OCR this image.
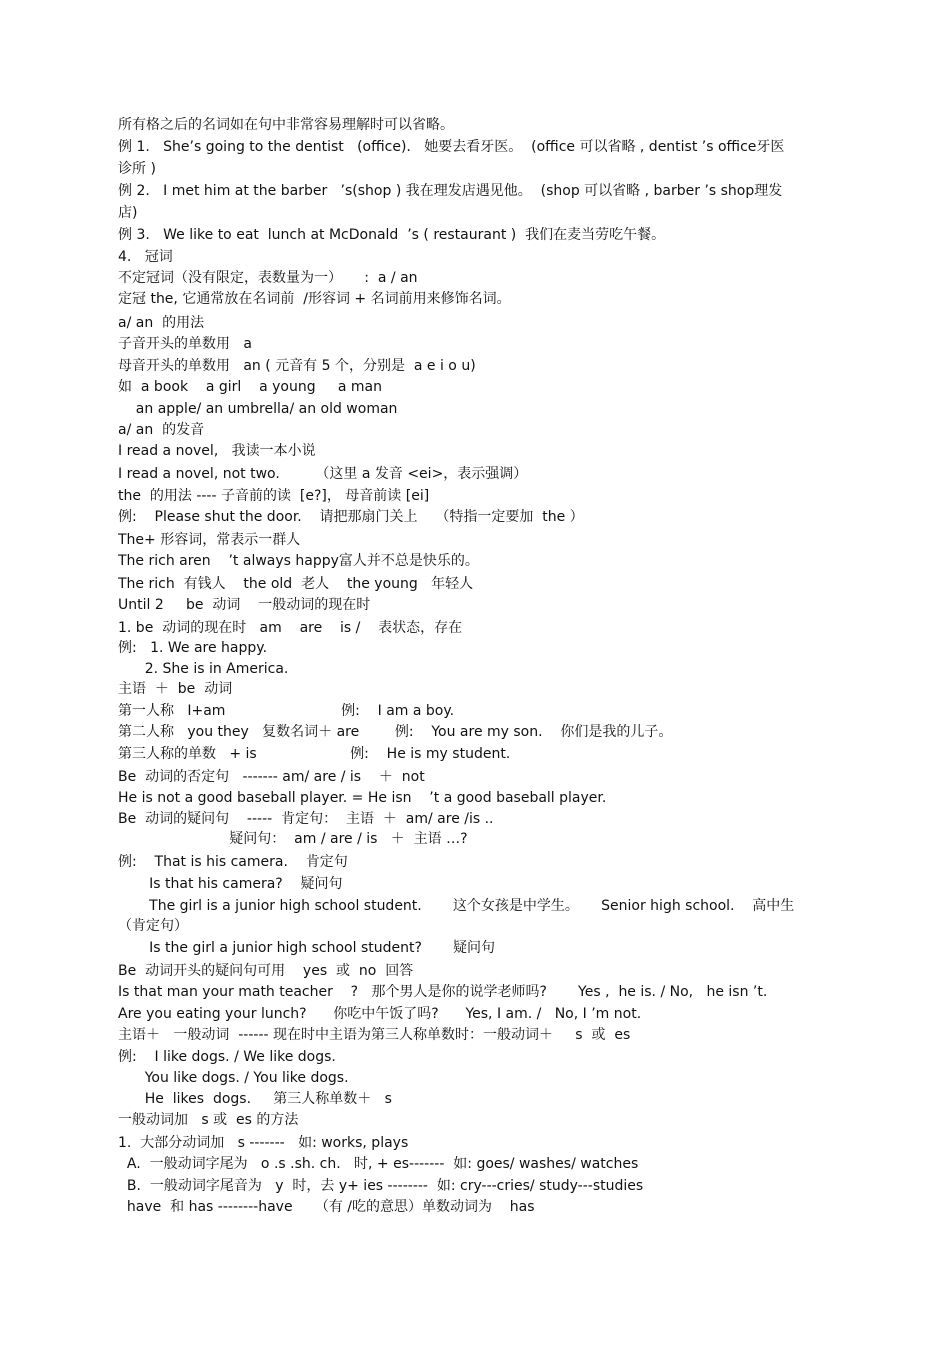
所有格之后的名词如在句中非常容易理解时可以省略。
例 1.   She’s going to the dentist   (office).   她要去看牙医。  (office 可以省略 , dentist ’s office牙医
诊所 )
例 2.   I met him at the barber   ’s(shop ) 我在理发店遇见他。  (shop 可以省略 , barber ’s shop理发
店)
例 3.   We like to eat  lunch at McDonald  ’s ( restaurant )  我们在麦当劳吃午餐。
4.   冠词
不定冠词（没有限定，表数量为一）     :  a / an
定冠 the, 它通常放在名词前  /形容词 + 名词前用来修饰名词。
a/ an  的用法
子音开头的单数用   a
母音开头的单数用   an ( 元音有 5 个，分别是  a e i o u)
如  a book    a girl    a young     a man
an apple/ an umbrella/ an old woman
a/ an  的发音
I read a novel,   我读一本小说
I read a novel, not two.        （这里 a 发音 <ei>，表示强调）
the  的用法 ---- 子音前的读  [e?]， 母音前读 [ei]
例:    Please shut the door.    请把那扇门关上    （特指一定要加  the ）
The+ 形容词，常表示一群人
The rich aren    ’t always happy富人并不总是快乐的。
The rich  有钱人    the old  老人    the young   年轻人
Until 2     be  动词    一般动词的现在时
1. be  动词的现在时   am    are    is /    表状态，存在
例:   1. We are happy.
2. She is in America.
主语  ＋  be  动词
第一人称   I+am                          例:    I am a boy.
第二人称   you they   复数名词＋ are        例:    You are my son.    你们是我的儿子。
第三人称的单数   + is                     例:    He is my student.
Be  动词的否定句   ------- am/ are / is    ＋  not
He is not a good baseball player. = He isn    ’t a good baseball player.
Be  动词的疑问句    -----  肯定句：  主语  ＋  am/ are /is ..
疑问句：  am / are / is   ＋  主语 …?
例:    That is his camera.    肯定句
Is that his camera?    疑问句
The girl is a junior high school student.       这个女孩是中学生。     Senior high school.    高中生
（肯定句）
Is the girl a junior high school student?       疑问句
Be  动词开头的疑问句可用    yes  或  no  回答
Is that man your math teacher    ?   那个男人是你的说学老师吗?       Yes ,  he is. / No,   he isn ’t.
Are you eating your lunch?      你吃中午饭了吗?      Yes, I am. /   No, I ’m not.
主语＋   一般动词  ------ 现在时中主语为第三人称单数时：一般动词＋     s  或  es
例:    I like dogs. / We like dogs.
You like dogs. / You like dogs.
He  likes  dogs.     第三人称单数＋   s
一般动词加   s 或  es 的方法
1.  大部分动词加   s -------   如: works, plays
A.  一般动词字尾为   o .s .sh. ch.   时, + es-------  如: goes/ washes/ watches
B.  一般动词字尾音为   y  时，去 y+ ies --------  如: cry---cries/ study---studies
have  和 has --------have     （有 /吃的意思）单数动词为    has
